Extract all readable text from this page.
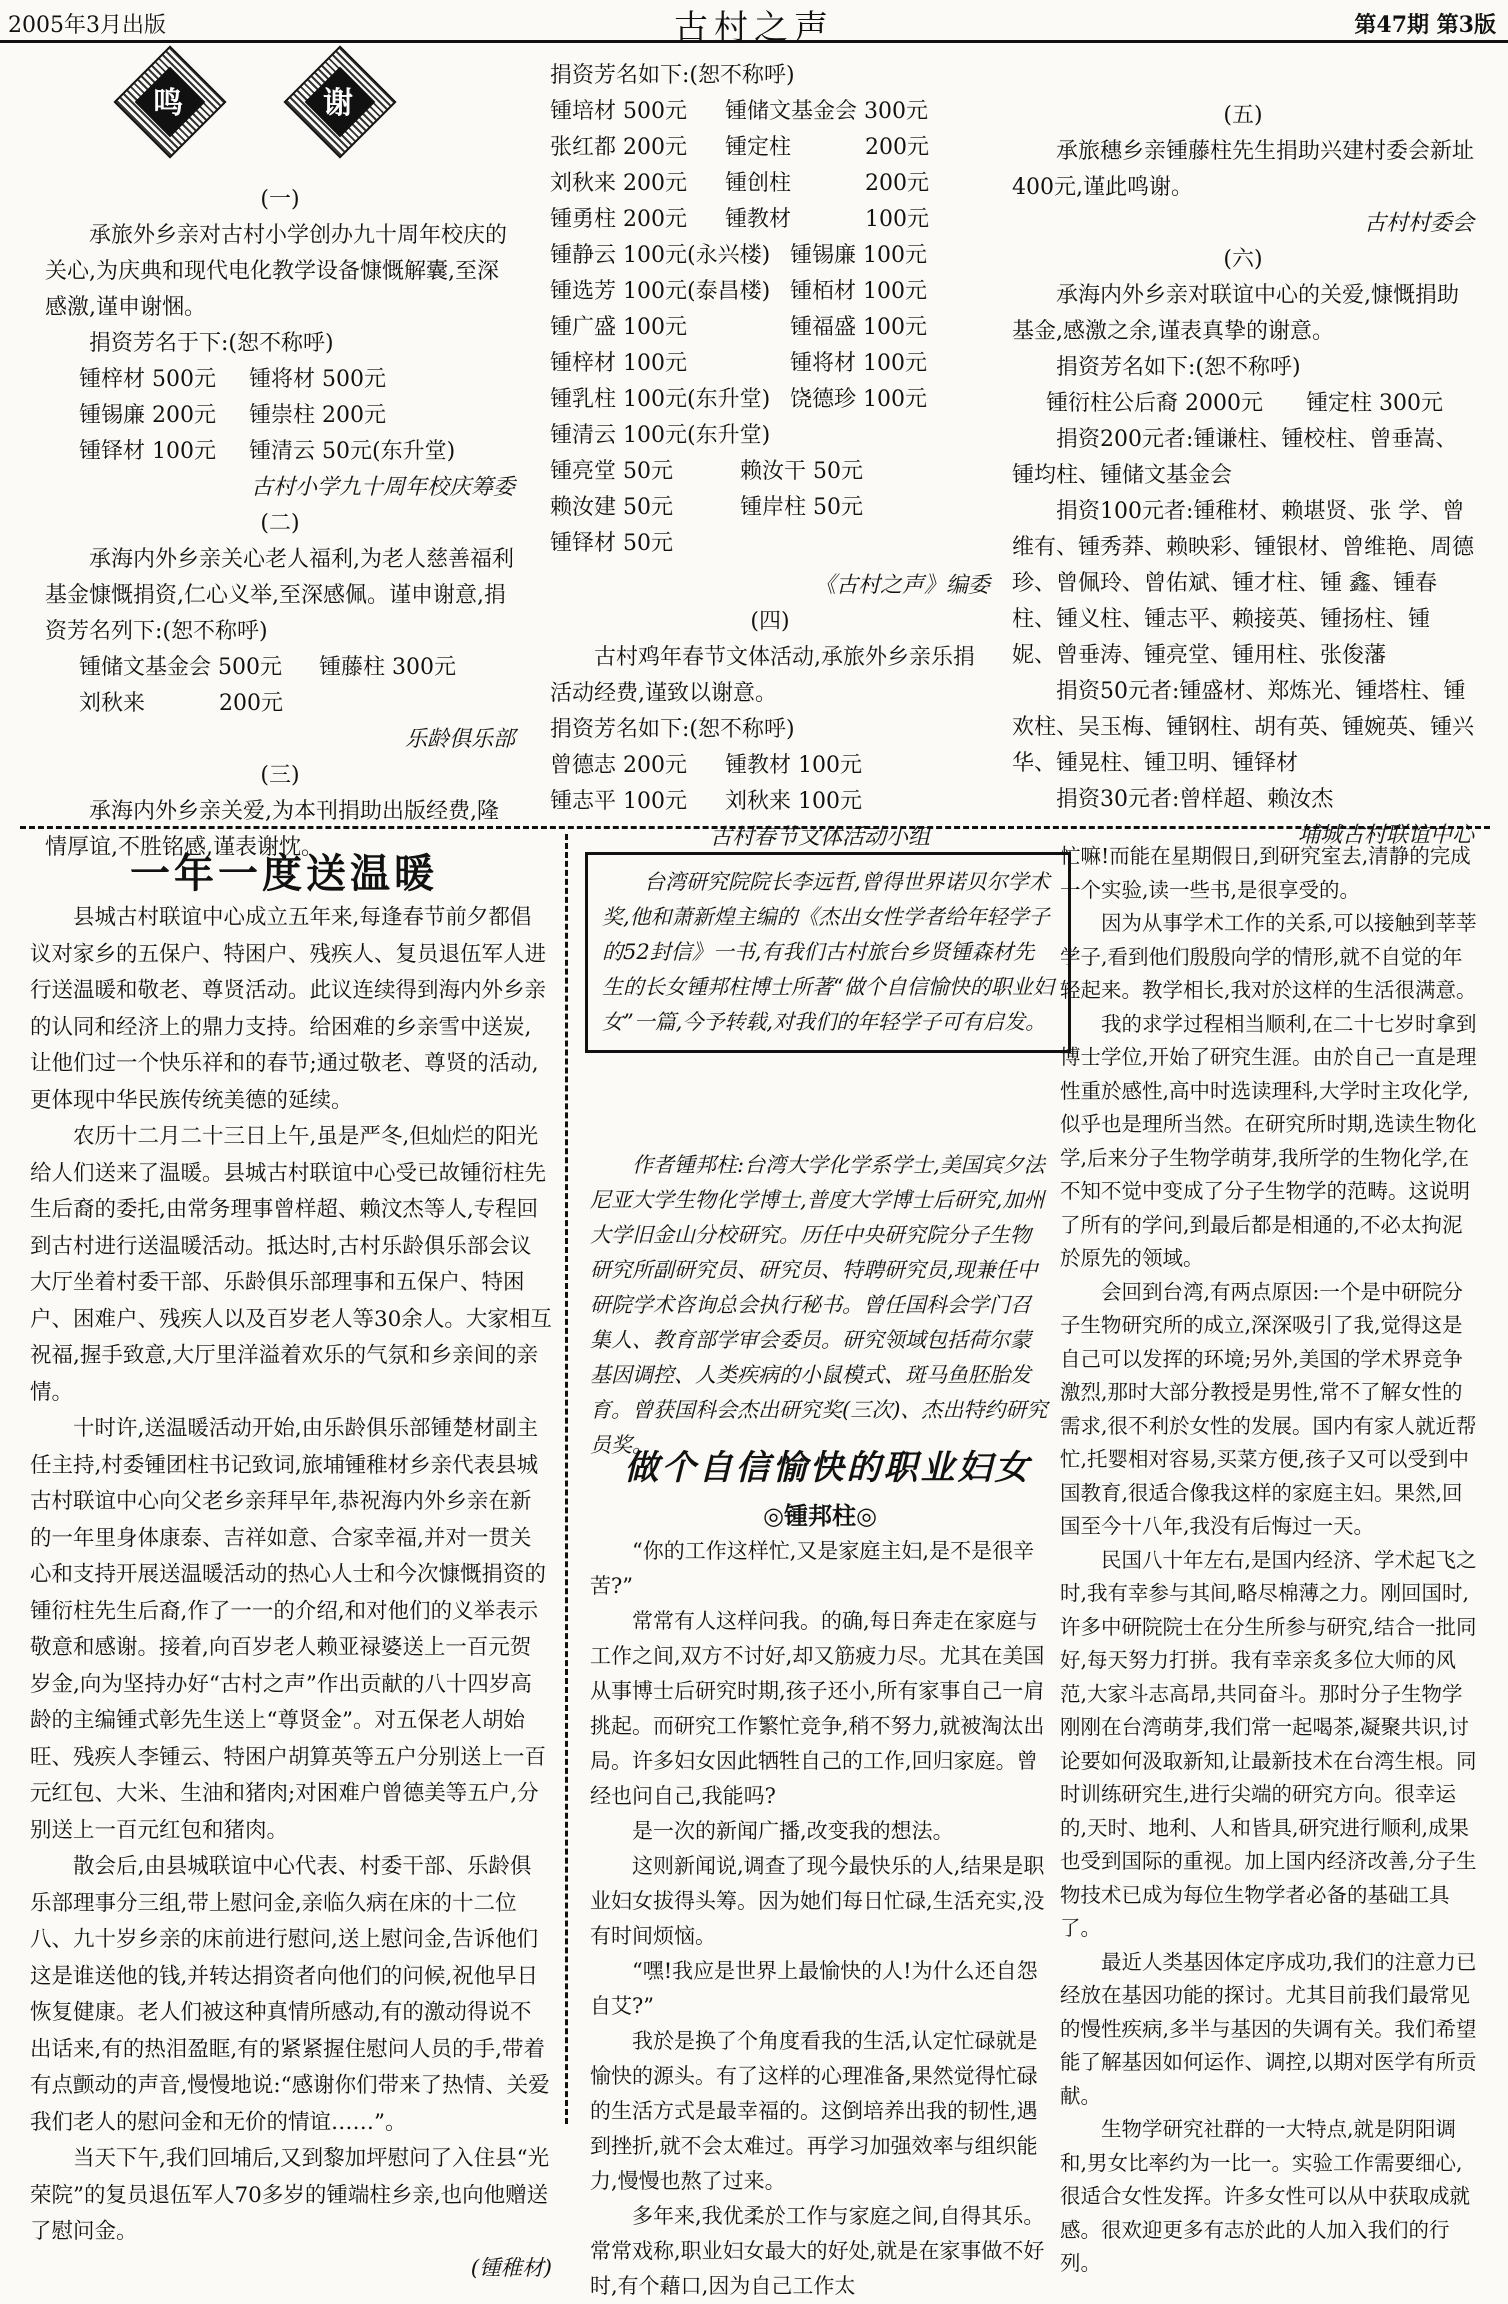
2005年3月出版	古村之声	第47期 第3版
鸣	谢

(一)

承旅外乡亲对古村小学创办九十周年校庆的关心,为庆典和现代电化教学设备慷慨解囊,至深感激,谨申谢悃。

捐资芳名于下:(恕不称呼)

锺梓材 500元	锺将材 500元
锺锡廉 200元	锺崇柱 200元
锺铎材 100元	锺清云 50元(东升堂)

古村小学九十周年校庆筹委

(二)

承海内外乡亲关心老人福利,为老人慈善福利基金慷慨捐资,仁心义举,至深感佩。谨申谢意,捐资芳名列下:(恕不称呼)

锺储文基金会 500元	锺藤柱 300元
刘秋来	200元

乐龄俱乐部

(三)

承海内外乡亲关爱,为本刊捐助出版经费,隆情厚谊,不胜铭感,谨表谢忱。

捐资芳名如下:(恕不称呼)

锺培材 500元	锺储文基金会 300元
张红都 200元	锺定柱	200元
刘秋来 200元	锺创柱	200元
锺勇柱 200元	锺教材	100元
锺静云 100元(永兴楼) 锺锡廉 100元
锺选芳 100元(泰昌楼) 锺栢材 100元
锺广盛 100元	锺福盛 100元
锺梓材 100元	锺将材 100元
锺乳柱 100元(东升堂) 饶德珍 100元
锺清云 100元(东升堂)
锺亮堂 50元	赖汝干 50元
赖汝建 50元	锺岸柱 50元
锺铎材 50元

《古村之声》编委

(四)

古村鸡年春节文体活动,承旅外乡亲乐捐活动经费,谨致以谢意。

捐资芳名如下:(恕不称呼)

曾德志 200元	锺教材 100元
锺志平 100元	刘秋来 100元

古村春节文体活动小组

(五)

承旅穗乡亲锺藤柱先生捐助兴建村委会新址400元,谨此鸣谢。

古村村委会

(六)

承海内外乡亲对联谊中心的关爱,慷慨捐助基金,感激之余,谨表真挚的谢意。

捐资芳名如下:(恕不称呼)

锺衍柱公后裔 2000元	锺定柱 300元

捐资200元者:锺谦柱、锺校柱、曾垂嵩、锺均柱、锺储文基金会

捐资100元者:锺稚材、赖堪贤、张 学、曾维有、锺秀莽、赖映彩、锺银材、曾维艳、周德珍、曾佩玲、曾佑斌、锺才柱、锺 鑫、锺春柱、锺义柱、锺志平、赖接英、锺扬柱、锺 妮、曾垂涛、锺亮堂、锺用柱、张俊藩

捐资50元者:锺盛材、郑炼光、锺塔柱、锺欢柱、吴玉梅、锺钢柱、胡有英、锺婉英、锺兴华、锺晃柱、锺卫明、锺铎材

捐资30元者:曾样超、赖汝杰

埔城古村联谊中心

一年一度送温暖

县城古村联谊中心成立五年来,每逢春节前夕都倡议对家乡的五保户、特困户、残疾人、复员退伍军人进行送温暖和敬老、尊贤活动。此议连续得到海内外乡亲的认同和经济上的鼎力支持。给困难的乡亲雪中送炭,让他们过一个快乐祥和的春节;通过敬老、尊贤的活动,更体现中华民族传统美德的延续。

农历十二月二十三日上午,虽是严冬,但灿烂的阳光给人们送来了温暖。县城古村联谊中心受已故锺衍柱先生后裔的委托,由常务理事曾样超、赖汶杰等人,专程回到古村进行送温暖活动。抵达时,古村乐龄俱乐部会议大厅坐着村委干部、乐龄俱乐部理事和五保户、特困户、困难户、残疾人以及百岁老人等30余人。大家相互祝福,握手致意,大厅里洋溢着欢乐的气氛和乡亲间的亲情。

十时许,送温暖活动开始,由乐龄俱乐部锺楚材副主任主持,村委锺团柱书记致词,旅埔锺稚材乡亲代表县城古村联谊中心向父老乡亲拜早年,恭祝海内外乡亲在新的一年里身体康泰、吉祥如意、合家幸福,并对一贯关心和支持开展送温暖活动的热心人士和今次慷慨捐资的锺衍柱先生后裔,作了一一的介绍,和对他们的义举表示敬意和感谢。接着,向百岁老人赖亚禄婆送上一百元贺岁金,向为坚持办好“古村之声”作出贡献的八十四岁高龄的主编锺式彰先生送上“尊贤金”。对五保老人胡始旺、残疾人李锺云、特困户胡算英等五户分别送上一百元红包、大米、生油和猪肉;对困难户曾德美等五户,分别送上一百元红包和猪肉。

散会后,由县城联谊中心代表、村委干部、乐龄俱乐部理事分三组,带上慰问金,亲临久病在床的十二位八、九十岁乡亲的床前进行慰问,送上慰问金,告诉他们这是谁送他的钱,并转达捐资者向他们的问候,祝他早日恢复健康。老人们被这种真情所感动,有的激动得说不出话来,有的热泪盈眶,有的紧紧握住慰问人员的手,带着有点颤动的声音,慢慢地说:“感谢你们带来了热情、关爱我们老人的慰问金和无价的情谊……”。

当天下午,我们回埔后,又到黎加坪慰问了入住县“光荣院”的复员退伍军人70多岁的锺端柱乡亲,也向他赠送了慰问金。

(锺稚材)

台湾研究院院长李远哲,曾得世界诺贝尔学术奖,他和萧新煌主编的《杰出女性学者给年轻学子的52封信》一书,有我们古村旅台乡贤锺森材先生的长女锺邦柱博士所著“做个自信愉快的职业妇女”一篇,今予转载,对我们的年轻学子可有启发。

作者锺邦柱:台湾大学化学系学士,美国宾夕法尼亚大学生物化学博士,普度大学博士后研究,加州大学旧金山分校研究。历任中央研究院分子生物研究所副研究员、研究员、特聘研究员,现兼任中研院学术咨询总会执行秘书。曾任国科会学门召集人、教育部学审会委员。研究领域包括荷尔蒙基因调控、人类疾病的小鼠模式、斑马鱼胚胎发育。曾获国科会杰出研究奖(三次)、杰出特约研究员奖。

做个自信愉快的职业妇女
◎锺邦柱◎

“你的工作这样忙,又是家庭主妇,是不是很辛苦?”

常常有人这样问我。的确,每日奔走在家庭与工作之间,双方不讨好,却又筋疲力尽。尤其在美国从事博士后研究时期,孩子还小,所有家事自己一肩挑起。而研究工作繁忙竞争,稍不努力,就被淘汰出局。许多妇女因此牺牲自己的工作,回归家庭。曾经也问自己,我能吗?

是一次的新闻广播,改变我的想法。

这则新闻说,调查了现今最快乐的人,结果是职业妇女拔得头筹。因为她们每日忙碌,生活充实,没有时间烦恼。

“嘿!我应是世界上最愉快的人!为什么还自怨自艾?”

我於是换了个角度看我的生活,认定忙碌就是愉快的源头。有了这样的心理准备,果然觉得忙碌的生活方式是最幸福的。这倒培养出我的韧性,遇到挫折,就不会太难过。再学习加强效率与组织能力,慢慢也熬了过来。

多年来,我优柔於工作与家庭之间,自得其乐。常常戏称,职业妇女最大的好处,就是在家事做不好时,有个藉口,因为自己工作太

忙嘛!而能在星期假日,到研究室去,清静的完成一个实验,读一些书,是很享受的。

因为从事学术工作的关系,可以接触到莘莘学子,看到他们殷殷向学的情形,就不自觉的年轻起来。教学相长,我对於这样的生活很满意。

我的求学过程相当顺利,在二十七岁时拿到博士学位,开始了研究生涯。由於自己一直是理性重於感性,高中时选读理科,大学时主攻化学,似乎也是理所当然。在研究所时期,选读生物化学,后来分子生物学萌芽,我所学的生物化学,在不知不觉中变成了分子生物学的范畴。这说明了所有的学问,到最后都是相通的,不必太拘泥於原先的领域。

会回到台湾,有两点原因:一个是中研院分子生物研究所的成立,深深吸引了我,觉得这是自己可以发挥的环境;另外,美国的学术界竞争激烈,那时大部分教授是男性,常不了解女性的需求,很不利於女性的发展。国内有家人就近帮忙,托婴相对容易,买菜方便,孩子又可以受到中国教育,很适合像我这样的家庭主妇。果然,回国至今十八年,我没有后悔过一天。

民国八十年左右,是国内经济、学术起飞之时,我有幸参与其间,略尽棉薄之力。刚回国时,许多中研院院士在分生所参与研究,结合一批同好,每天努力打拼。我有幸亲炙多位大师的风范,大家斗志高昂,共同奋斗。那时分子生物学刚刚在台湾萌芽,我们常一起喝茶,凝聚共识,讨论要如何汲取新知,让最新技术在台湾生根。同时训练研究生,进行尖端的研究方向。很幸运的,天时、地利、人和皆具,研究进行顺利,成果也受到国际的重视。加上国内经济改善,分子生物技术已成为每位生物学者必备的基础工具了。

最近人类基因体定序成功,我们的注意力已经放在基因功能的探讨。尤其目前我们最常见的慢性疾病,多半与基因的失调有关。我们希望能了解基因如何运作、调控,以期对医学有所贡献。

生物学研究社群的一大特点,就是阴阳调和,男女比率约为一比一。实验工作需要细心,很适合女性发挥。许多女性可以从中获取成就感。很欢迎更多有志於此的人加入我们的行列。
